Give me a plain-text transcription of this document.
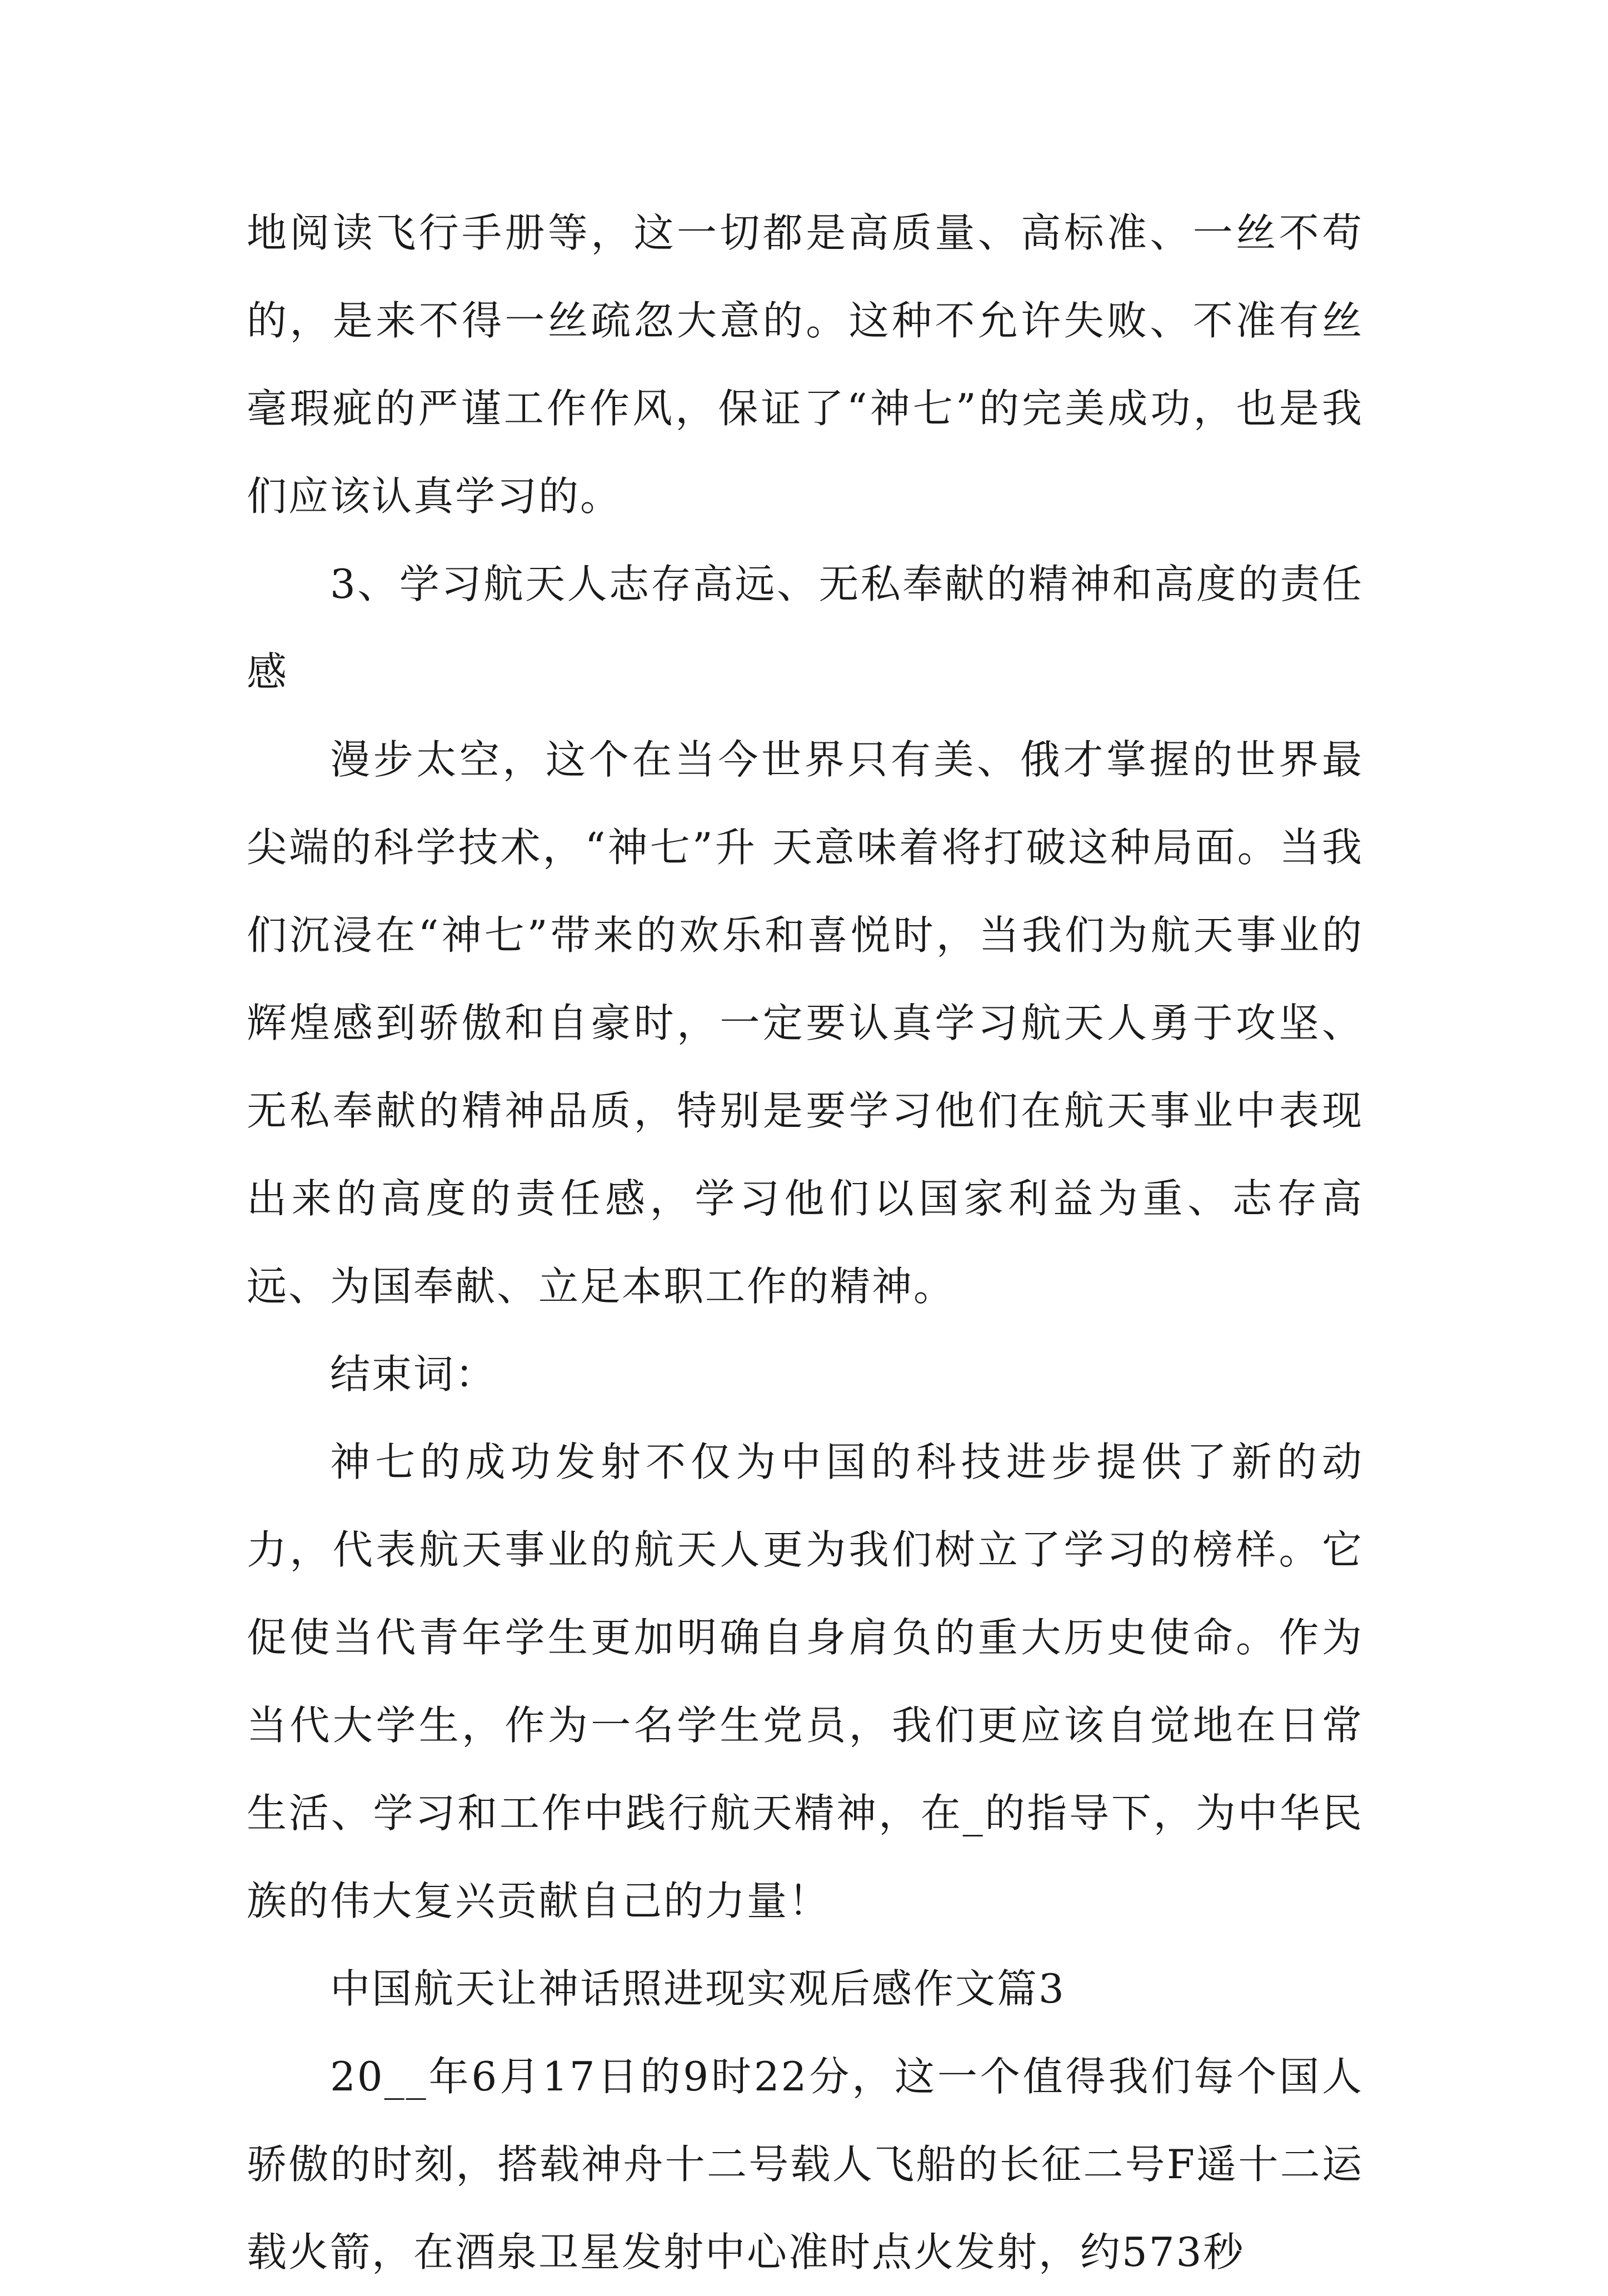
地阅读飞行手册等，这一切都是高质量、高标准、一丝不苟的，是来不得一丝疏忽大意的。这种不允许失败、不准有丝毫瑕疵的严谨工作作风，保证了“神七”的完美成功，也是我们应该认真学习的。

3、学习航天人志存高远、无私奉献的精神和高度的责任感

漫步太空，这个在当今世界只有美、俄才掌握的世界最尖端的科学技术，“神七”升 天意味着将打破这种局面。当我们沉浸在“神七”带来的欢乐和喜悦时，当我们为航天事业的辉煌感到骄傲和自豪时，一定要认真学习航天人勇于攻坚、无私奉献的精神品质，特别是要学习他们在航天事业中表现出来的高度的责任感，学习他们以国家利益为重、志存高远、为国奉献、立足本职工作的精神。

结束词：

神七的成功发射不仅为中国的科技进步提供了新的动力，代表航天事业的航天人更为我们树立了学习的榜样。它促使当代青年学生更加明确自身肩负的重大历史使命。作为当代大学生，作为一名学生党员，我们更应该自觉地在日常生活、学习和工作中践行航天精神，在_的指导下，为中华民族的伟大复兴贡献自己的力量！

中国航天让神话照进现实观后感作文篇3

20__年6月17日的9时22分，这一个值得我们每个国人骄傲的时刻，搭载神舟十二号载人飞船的长征二号F遥十二运载火箭，在酒泉卫星发射中心准时点火发射，约573秒
